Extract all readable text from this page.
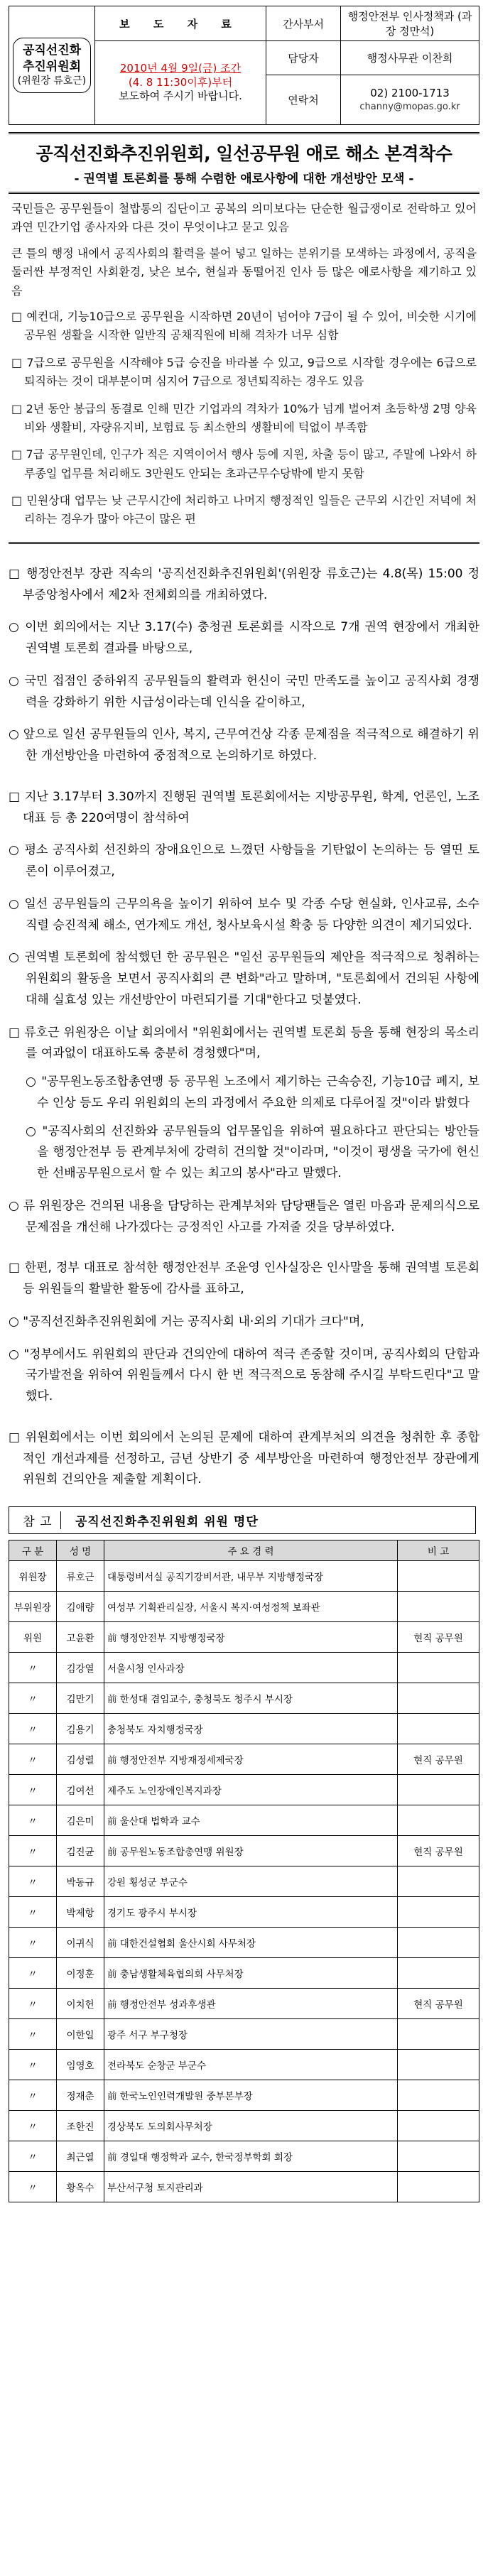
공직선진화
추진위원회

(위원장 류호근)	보 도 자 료	간사부서	행정안전부 인사정책과 (과장 정만석)
	2010년 4월 9일(금) 조간
(4. 8 11:30이후)부터
보도하여 주시기 바랍니다.	담당자	행정사무관 이찬희
		연락처	02) 2100-1713
channy@mopas.go.kr
공직선진화추진위원회, 일선공무원 애로 해소 본격착수
- 권역별 토론회를 통해 수렴한 애로사항에 대한 개선방안 모색 -

국민들은 공무원들이 철밥통의 집단이고 공복의 의미보다는 단순한 월급쟁이로 전락하고 있어 과연 민간기업 종사자와 다른 것이 무엇이냐고 묻고 있음

큰 틀의 행정 내에서 공직사회의 활력을 불어 넣고 일하는 분위기를 모색하는 과정에서, 공직을 둘러싼 부정적인 사회환경, 낮은 보수, 현실과 동떨어진 인사 등 많은 애로사항을 제기하고 있음

□ 예컨대, 기능10급으로 공무원을 시작하면 20년이 넘어야 7급이 될 수 있어, 비숫한 시기에 공무원 생활을 시작한 일반직 공채직원에 비해 격차가 너무 심함

□ 7급으로 공무원을 시작해야 5급 승진을 바라볼 수 있고, 9급으로 시작할 경우에는 6급으로 퇴직하는 것이 대부분이며 심지어 7급으로 정년퇴직하는 경우도 있음

□ 2년 동안 봉급의 동결로 인해 민간 기업과의 격차가 10%가 넘게 벌어져 초등학생 2명 양육비와 생활비, 자량유지비, 보험료 등 최소한의 생활비에 턱없이 부족함

□ 7급 공무원인데, 인구가 적은 지역이어서 행사 등에 지원, 차출 등이 많고, 주말에 나와서 하루종일 업무를 처리해도 3만원도 안되는 초과근무수당밖에 받지 못함

□ 민원상대 업무는 낮 근무시간에 처리하고 나머지 행정적인 일들은 근무외 시간인 저녁에 처리하는 경우가 많아 야근이 많은 편

□ 행정안전부 장관 직속의 '공직선진화추진위원회'(위원장 류호근)는 4.8(목) 15:00 정부중앙청사에서 제2차 전체회의를 개최하였다.

○ 이번 회의에서는 지난 3.17(수) 충청권 토론회를 시작으로 7개 권역 현장에서 개최한 권역별 토론회 결과를 바탕으로,

○ 국민 접점인 중하위직 공무원들의 활력과 헌신이 국민 만족도를 높이고 공직사회 경쟁력을 강화하기 위한 시급성이라는데 인식을 같이하고,

○ 앞으로 일선 공무원들의 인사, 복지, 근무여건상 각종 문제점을 적극적으로 해결하기 위한 개선방안을 마련하여 중점적으로 논의하기로 하였다.

□ 지난 3.17부터 3.30까지 진행된 권역별 토론회에서는 지방공무원, 학계, 언론인, 노조대표 등 총 220여명이 참석하여

○ 평소 공직사회 선진화의 장애요인으로 느꼈던 사항들을 기탄없이 논의하는 등 열띤 토론이 이루어졌고,

○ 일선 공무원들의 근무의욕을 높이기 위하여 보수 및 각종 수당 현실화, 인사교류, 소수직렬 승진적체 해소, 연가제도 개선, 청사보육시설 확충 등 다양한 의견이 제기되었다.

○ 권역별 토론회에 참석했던 한 공무원은 "일선 공무원들의 제안을 적극적으로 청취하는 위원회의 활동을 보면서 공직사회의 큰 변화"라고 말하며, "토론회에서 건의된 사항에 대해 실효성 있는 개선방안이 마련되기를 기대"한다고 덧붙였다.

□ 류호근 위원장은 이날 회의에서 "위원회에서는 권역별 토론회 등을 통해 현장의 목소리를 여과없이 대표하도록 충분히 경청했다"며,

○ "공무원노동조합총연맹 등 공무원 노조에서 제기하는 근속승진, 기능10급 폐지, 보수 인상 등도 우리 위원회의 논의 과정에서 주요한 의제로 다루어질 것"이라 밝혔다

○ "공직사회의 선진화와 공무원들의 업무몰입을 위하여 필요하다고 판단되는 방안들을 행정안전부 등 관계부처에 강력히 건의할 것"이라며, "이것이 평생을 국가에 헌신한 선배공무원으로서 할 수 있는 최고의 봉사"라고 말했다.

○ 류 위원장은 건의된 내용을 담당하는 관계부처와 담당팬들은 열린 마음과 문제의식으로 문제점을 개선해 나가겠다는 긍정적인 사고를 가져줄 것을 당부하였다.

□ 한편, 정부 대표로 참석한 행정안전부 조윤영 인사실장은 인사말을 통해 권역별 토론회 등 위원들의 활발한 활동에 감사를 표하고,

○ "공직선진화추진위원회에 거는 공직사회 내·외의 기대가 크다"며,

○ "정부에서도 위원회의 판단과 건의안에 대하여 적극 존중할 것이며, 공직사회의 단합과 국가발전을 위하여 위원들께서 다시 한 번 적극적으로 동참해 주시길 부탁드린다"고 말했다.

□ 위원회에서는 이번 회의에서 논의된 문제에 대하여 관계부처의 의견을 청취한 후 종합적인 개선과제를 선정하고, 금년 상반기 중 세부방안을 마련하여 행정안전부 장관에게 위원회 건의안을 제출할 계획이다.

참 고 공직선진화추진위원회 위원 명단
구 분	성 명	주 요 경 력	비 고
위원장	류호근	대통령비서실 공직기강비서관, 내무부 지방행정국장	
부위원장	김애량	여성부 기획관리실장, 서울시 복지·여성정책 보좌관	
위원	고윤환	前 행정안전부 지방행정국장	현직 공무원
〃	김강열	서울시청 인사과장	
〃	김만기	前 한성대 겸임교수, 충청북도 청주시 부시장	
〃	김용기	충청북도 자치행정국장	
〃	김성렬	前 행정안전부 지방재정세제국장	현직 공무원
〃	김여선	제주도 노인장애인복지과장	
〃	김은미	前 울산대 법학과 교수	
〃	김진균	前 공무원노동조합총연맹 위원장	현직 공무원
〃	박동규	강원 횡성군 부군수	
〃	박제항	경기도 광주시 부시장	
〃	이귀식	前 대한건설협회 울산시회 사무처장	
〃	이정훈	前 충남생활체육협의회 사무처장	
〃	이치헌	前 행정안전부 성과후생관	현직 공무원
〃	이한일	광주 서구 부구청장	
〃	임영호	전라북도 순창군 부군수	
〃	정재춘	前 한국노인인력개발원 중부본부장	
〃	조한진	경상북도 도의회사무처장	
〃	최근열	前 경일대 행정학과 교수, 한국정부학회 회장	
〃	황옥수	부산서구청 토지관리과	
